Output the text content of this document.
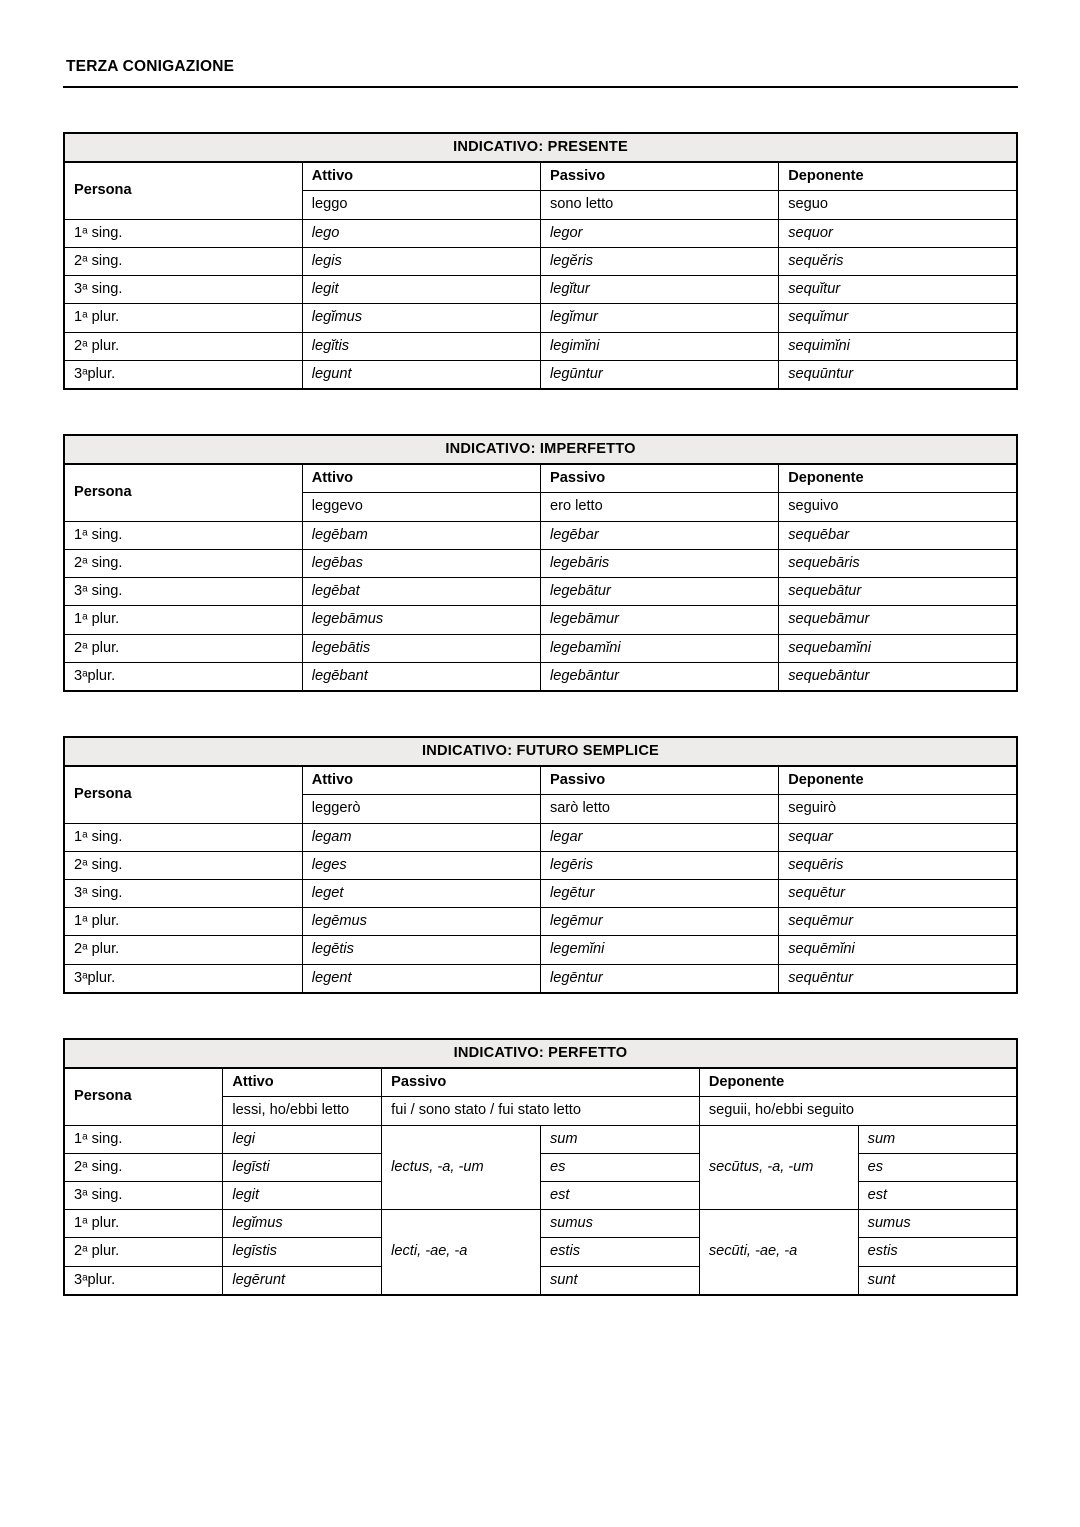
TERZA CONIGAZIONE
INDICATIVO: PRESENTE			
Persona	Attivo	Passivo	Deponente
	leggo	sono letto	seguo
1ᵃ sing.	lego	legor	sequor
2ᵃ sing.	legis	legĕris	sequĕris
3ᵃ sing.	legit	legĭtur	sequĭtur
1ᵃ plur.	legĭmus	legĭmur	sequĭmur
2ᵃ plur.	legĭtis	legimĭni	sequimĭni
3ᵃplur.	legunt	legūntur	sequūntur
INDICATIVO: IMPERFETTO			
Persona	Attivo	Passivo	Deponente
	leggevo	ero letto	seguivo
1ᵃ sing.	legēbam	legēbar	sequēbar
2ᵃ sing.	legēbas	legebāris	sequebāris
3ᵃ sing.	legēbat	legebātur	sequebātur
1ᵃ plur.	legebāmus	legebāmur	sequebāmur
2ᵃ plur.	legebātis	legebamĭni	sequebamĭni
3ᵃplur.	legēbant	legebāntur	sequebāntur
INDICATIVO: FUTURO SEMPLICE			
Persona	Attivo	Passivo	Deponente
	leggerò	sarò letto	seguirò
1ᵃ sing.	legam	legar	sequar
2ᵃ sing.	leges	legēris	sequēris
3ᵃ sing.	leget	legētur	sequētur
1ᵃ plur.	legēmus	legēmur	sequēmur
2ᵃ plur.	legētis	legemĭni	sequēmĭni
3ᵃplur.	legent	legēntur	sequēntur
INDICATIVO: PERFETTO					
Persona	Attivo	Passivo		Deponente	
	lessi, ho/ebbi letto	fui / sono stato / fui stato letto		seguii, ho/ebbi seguito	
1ᵃ sing.	legi	lectus, -a, -um	sum	secūtus, -a, -um	sum
2ᵃ sing.	legīsti		es		es
3ᵃ sing.	legit		est		est
1ᵃ plur.	legĭmus	lecti, -ae, -a	sumus	secūti, -ae, -a	sumus
2ᵃ plur.	legīstis		estis		estis
3ᵃplur.	legērunt		sunt		sunt
